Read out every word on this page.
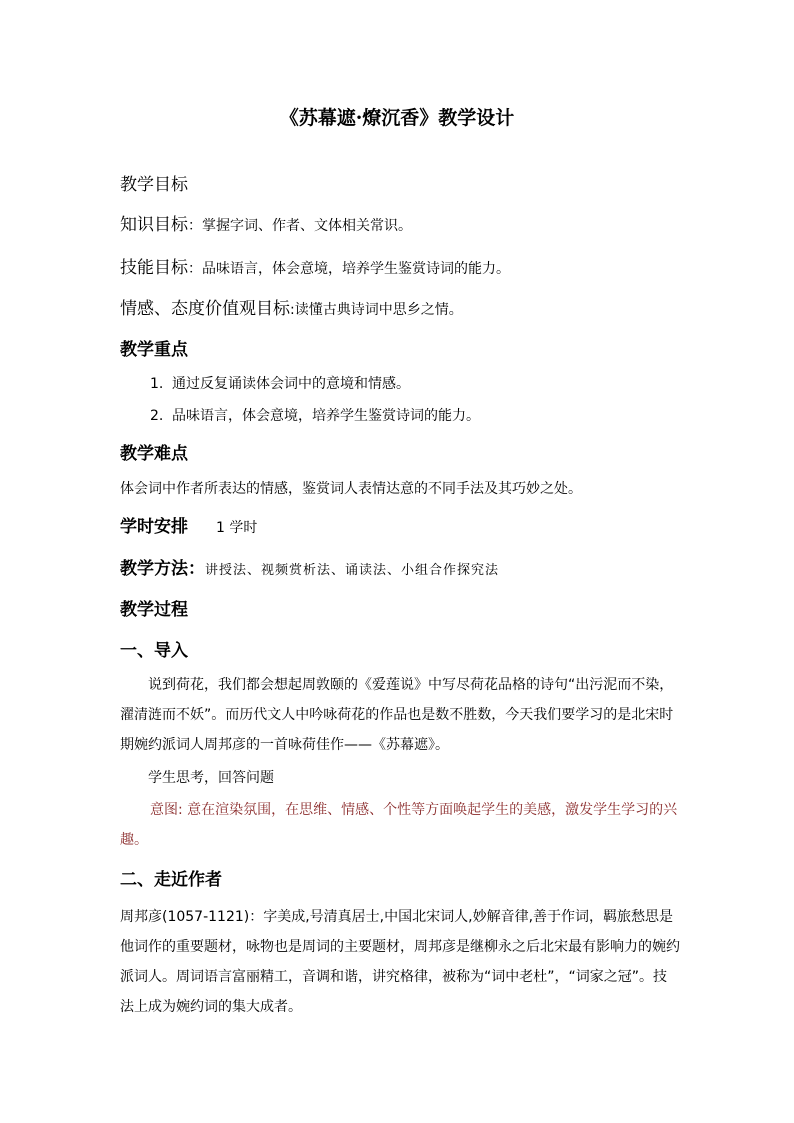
《苏幕遮·燎沉香》教学设计
教学目标
知识目标：掌握字词、作者、文体相关常识。
技能目标：品味语言，体会意境，培养学生鉴赏诗词的能力。
情感、态度价值观目标:读懂古典诗词中思乡之情。
教学重点
1. 通过反复诵读体会词中的意境和情感。
2. 品味语言，体会意境，培养学生鉴赏诗词的能力。
教学难点
体会词中作者所表达的情感，鉴赏词人表情达意的不同手法及其巧妙之处。
学时安排 1 学时
教学方法：讲授法、视频赏析法、诵读法、小组合作探究法
教学过程
一、导入
说到荷花，我们都会想起周敦颐的《爱莲说》中写尽荷花品格的诗句“出污泥而不染，濯清涟而不妖”。而历代文人中吟咏荷花的作品也是数不胜数，今天我们要学习的是北宋时期婉约派词人周邦彦的一首咏荷佳作——《苏幕遮》。
学生思考，回答问题
意图: 意在渲染氛围，在思维、情感、个性等方面唤起学生的美感，激发学生学习的兴趣。
二、走近作者
周邦彦(1057-1121)：字美成,号清真居士,中国北宋词人,妙解音律,善于作词，羁旅愁思是他词作的重要题材，咏物也是周词的主要题材，周邦彦是继柳永之后北宋最有影响力的婉约派词人。周词语言富丽精工，音调和谐，讲究格律，被称为“词中老杜”，“词家之冠”。技法上成为婉约词的集大成者。
